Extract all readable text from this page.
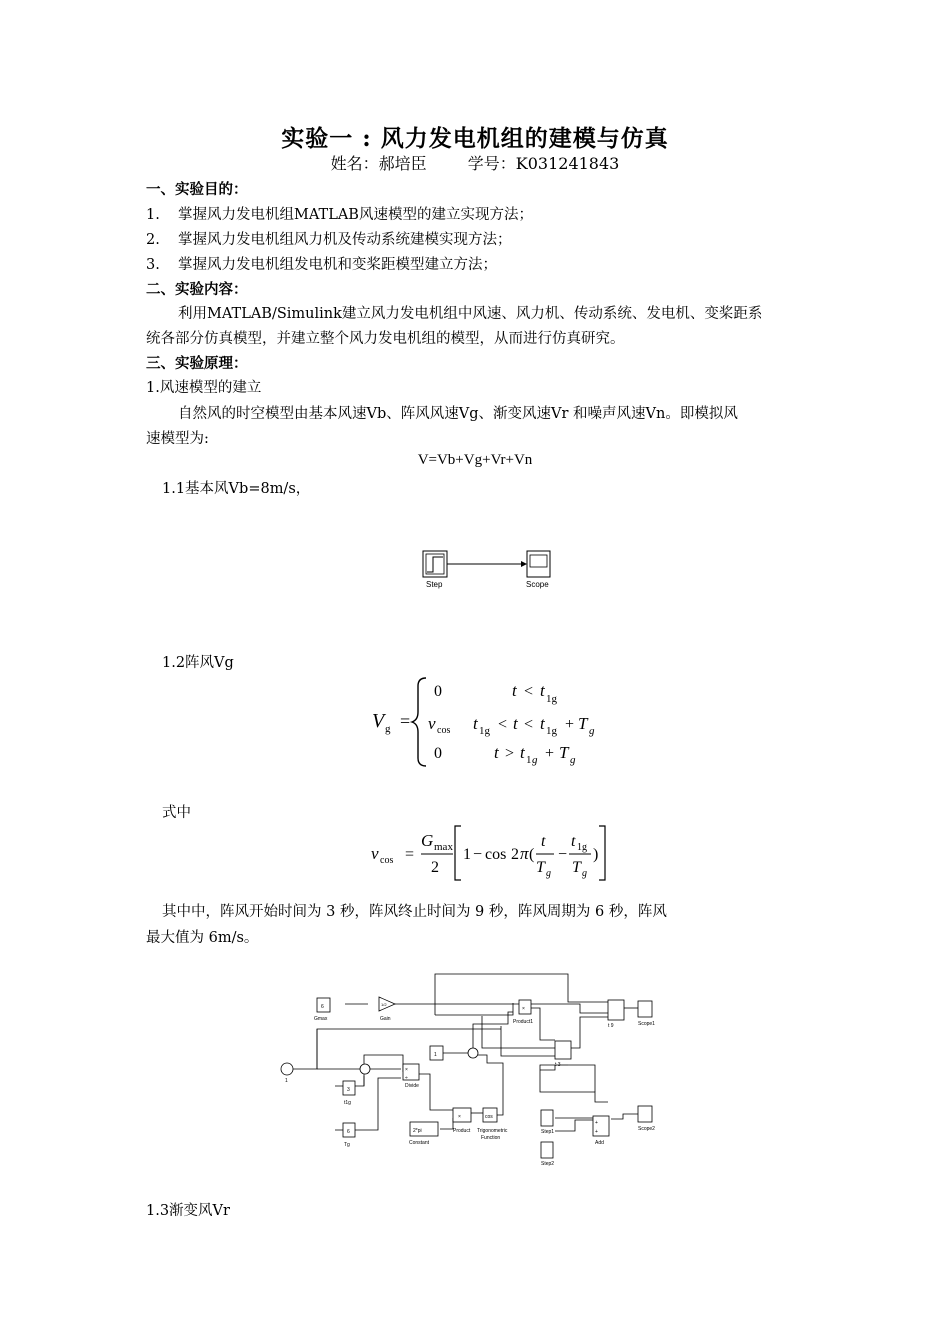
实验一 : 风力发电机组的建模与仿真
姓名：郝培臣	学号：K031241843
一、实验目的：
1. 掌握风力发电机组MATLAB风速模型的建立实现方法；
2. 掌握风力发电机组风力机及传动系统建模实现方法；
3. 掌握风力发电机组发电机和变桨距模型建立方法；
二、实验内容：
利用MATLAB/Simulink建立风力发电机组中风速、风力机、传动系统、发电机、变桨距系
统各部分仿真模型，并建立整个风力发电机组的模型，从而进行仿真研究。
三、实验原理：
1.风速模型的建立
自然风的时空模型由基本风速Vb、阵风风速Vg、渐变风速Vr 和噪声风速Vn。即模拟风
速模型为:
V=Vb+Vg+Vr+Vn
1.1基本风Vb=8m/s，
Step	Scope
1.2阵风Vg
V g =
0	t < t 1g
v cos t 1g < t < t 1g + T g
0	t > t 1 g + T g
式中
v cos =
G max
2
1 − cos 2 π (
t
T g
−
t 1g
T g
)
其中中，阵风开始时间为 3 秒，阵风终止时间为 9 秒，阵风周期为 6 秒，阵风
最大值为 6m/s。
6
Gmax
1/2
Gain
×
Product1
t 9	Scope1
1
t 3
1
3
t1g
×
÷
Divide
6
Tg
2*pi
Constant
×
Product
cos
Trigonometric
Function
Step1
Step2
+
+
Add
Scope2
1.3渐变风Vr
